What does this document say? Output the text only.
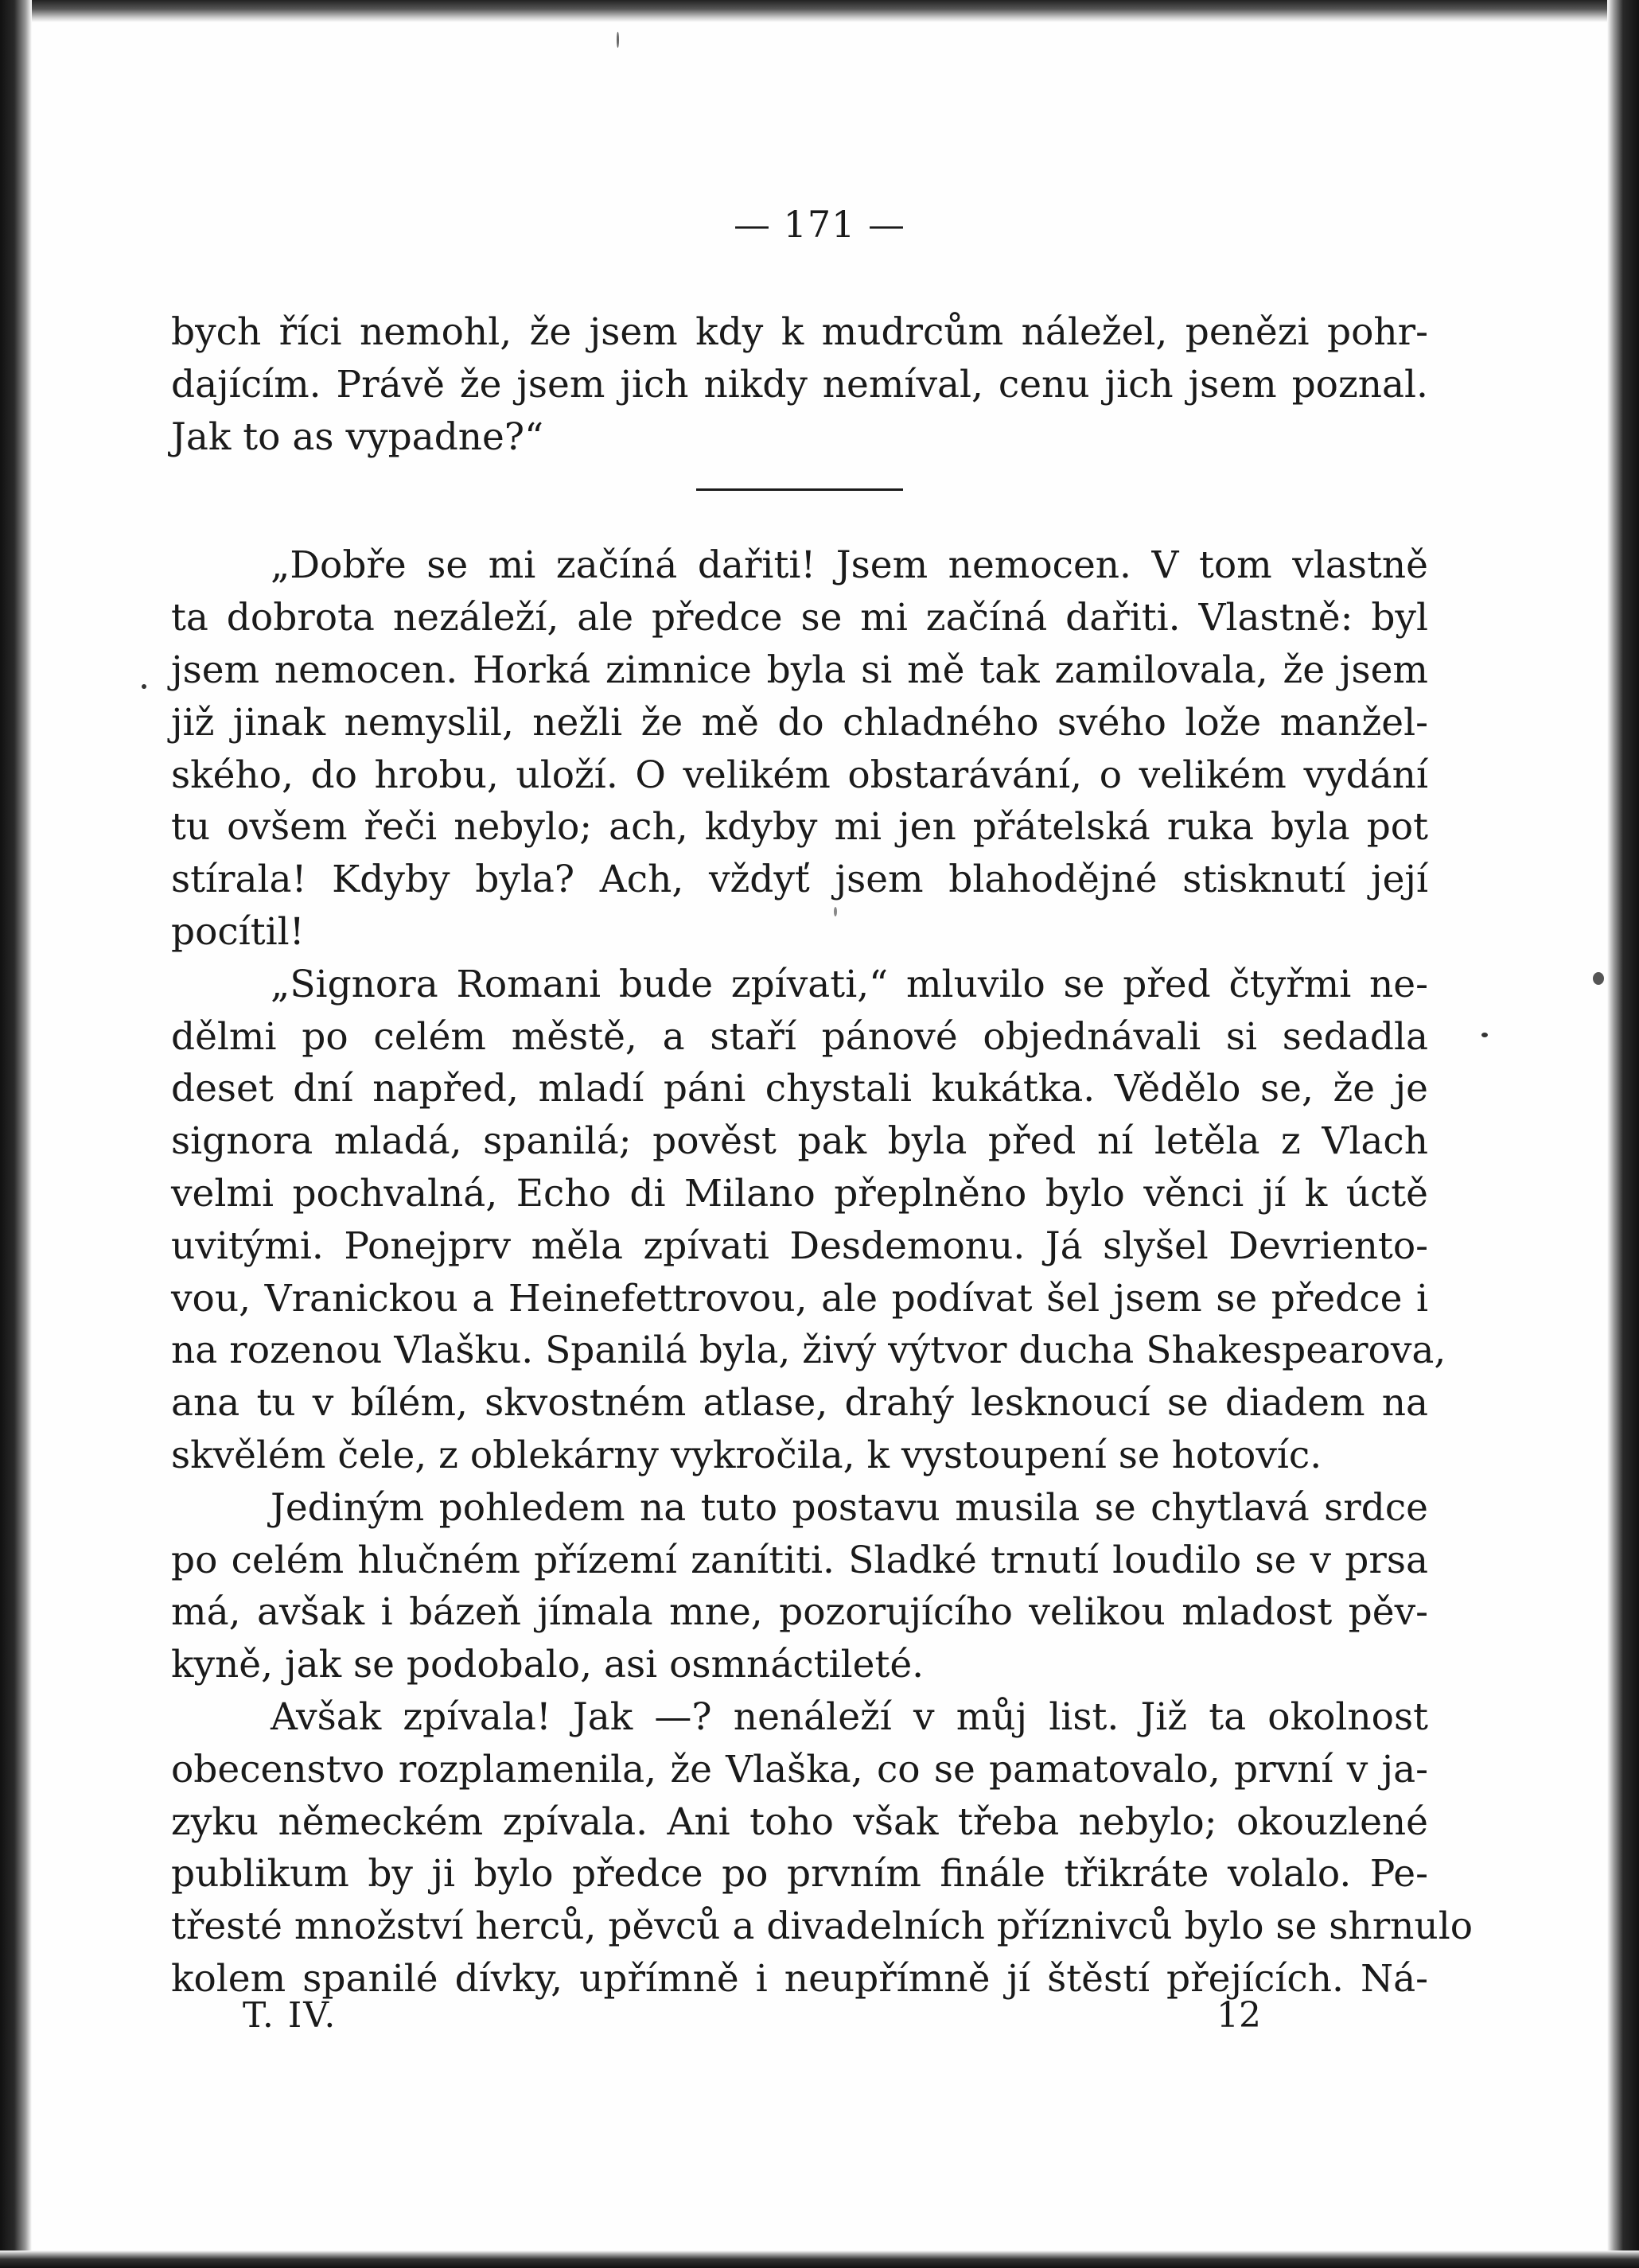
— 171 —
bych říci nemohl, že jsem kdy k mudrcům náležel, penězi pohr-
dajícím. Právě že jsem jich nikdy nemíval, cenu jich jsem poznal.
Jak to as vypadne?“
„Dobře se mi začíná dařiti! Jsem nemocen. V tom vlastně
ta dobrota nezáleží, ale předce se mi začíná dařiti. Vlastně: byl
jsem nemocen. Horká zimnice byla si mě tak zamilovala, že jsem
již jinak nemyslil, nežli že mě do chladného svého lože manžel-
ského, do hrobu, uloží. O velikém obstarávání, o velikém vydání
tu ovšem řeči nebylo; ach, kdyby mi jen přátelská ruka byla pot
stírala! Kdyby byla? Ach, vždyť jsem blahodějné stisknutí její
pocítil!
„Signora Romani bude zpívati,“ mluvilo se před čtyřmi ne-
dělmi po celém městě, a staří pánové objednávali si sedadla
deset dní napřed, mladí páni chystali kukátka. Vědělo se, že je
signora mladá, spanilá; pověst pak byla před ní letěla z Vlach
velmi pochvalná, Echo di Milano přeplněno bylo věnci jí k úctě
uvitými. Ponejprv měla zpívati Desdemonu. Já slyšel Devriento-
vou, Vranickou a Heinefettrovou, ale podívat šel jsem se předce i
na rozenou Vlašku. Spanilá byla, živý výtvor ducha Shakespearova,
ana tu v bílém, skvostném atlase, drahý lesknoucí se diadem na
skvělém čele, z oblekárny vykročila, k vystoupení se hotovíc.
Jediným pohledem na tuto postavu musila se chytlavá srdce
po celém hlučném přízemí zanítiti. Sladké trnutí loudilo se v prsa
má, avšak i bázeň jímala mne, pozorujícího velikou mladost pěv-
kyně, jak se podobalo, asi osmnáctileté.
Avšak zpívala! Jak —? nenáleží v můj list. Již ta okolnost
obecenstvo rozplamenila, že Vlaška, co se pamatovalo, první v ja-
zyku německém zpívala. Ani toho však třeba nebylo; okouzlené
publikum by ji bylo předce po prvním finále třikráte volalo. Pe-
třesté množství herců, pěvců a divadelních příznivců bylo se shrnulo
kolem spanilé dívky, upřímně i neupřímně jí štěstí přejících. Ná-
T. IV.	12
